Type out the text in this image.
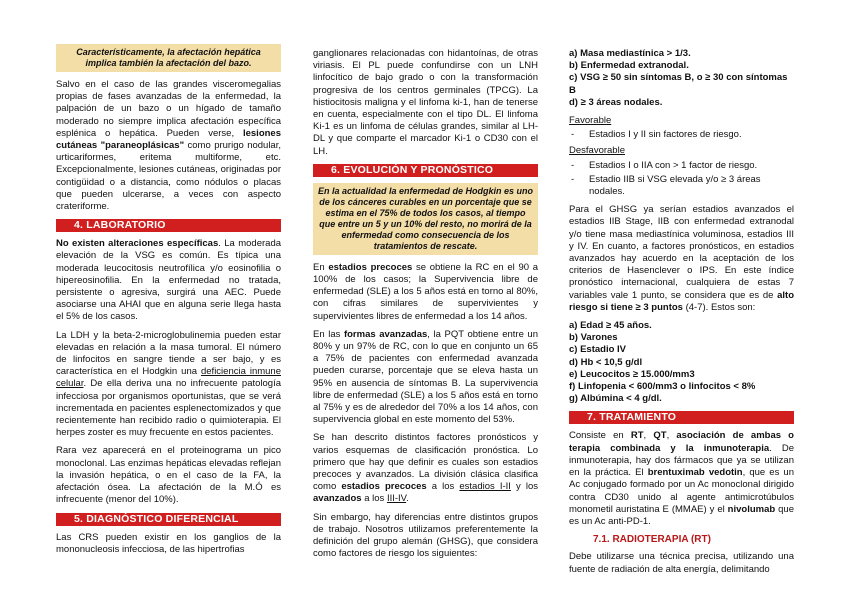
Característicamente, la afectación hepática implica también la afectación del bazo.

Salvo en el caso de las grandes visceromegalias propias de fases avanzadas de la enfermedad, la palpación de un bazo o un hígado de tamaño moderado no siempre implica afectación específica esplénica o hepática. Pueden verse, lesiones cutáneas "paraneoplásicas" como prurigo nodular, urticariformes, eritema multiforme, etc. Excepcionalmente, lesiones cutáneas, originadas por contigüidad o a distancia, como nódulos o placas que pueden ulcerarse, a veces con aspecto crateriforme.

4. LABORATORIO

No existen alteraciones específicas. La moderada elevación de la VSG es común. Es típica una moderada leucocitosis neutrofílica y/o eosinofilia o hipereosinofilia. En la enfermedad no tratada, persistente o agresiva, surgirá una AEC. Puede asociarse una AHAI que en alguna serie llega hasta el 5% de los casos.

La LDH y la beta-2-microglobulinemia pueden estar elevadas en relación a la masa tumoral. El número de linfocitos en sangre tiende a ser bajo, y es característica en el Hodgkin una deficiencia inmune celular. De ella deriva una no infrecuente patología infecciosa por organismos oportunistas, que se verá incrementada en pacientes esplenectomizados y que recientemente han recibido radio o quimioterapia. El herpes zoster es muy frecuente en estos pacientes.

Rara vez aparecerá en el proteinograma un pico monoclonal. Las enzimas hepáticas elevadas reflejan la invasión hepática, o en el caso de la FA, la afectación ósea. La afectación de la M.Ó es infrecuente (menor del 10%).

5. DIAGNÓSTICO DIFERENCIAL

Las CRS pueden existir en los ganglios de la mononucleosis infecciosa, de las hipertrofias

ganglionares relacionadas con hidantoínas, de otras viriasis. El PL puede confundirse con un LNH linfocítico de bajo grado o con la transformación progresiva de los centros germinales (TPCG). La histiocitosis maligna y el linfoma ki-1, han de tenerse en cuenta, especialmente con el tipo DL. El linfoma Ki-1 es un linfoma de células grandes, similar al LH-DL y que comparte el marcador Ki-1 o CD30 con el LH.

6. EVOLUCIÓN Y PRONÓSTICO
En la actualidad la enfermedad de Hodgkin es uno de los cánceres curables en un porcentaje que se estima en el 75% de todos los casos, al tiempo que entre un 5 y un 10% del resto, no morirá de la enfermedad como consecuencia de los tratamientos de rescate.

En estadios precoces se obtiene la RC en el 90 a 100% de los casos; la Supervivencia libre de enfermedad (SLE) a los 5 años está en torno al 80%, con cifras similares de supervivientes y supervivientes libres de enfermedad a los 14 años.

En las formas avanzadas, la PQT obtiene entre un 80% y un 97% de RC, con lo que en conjunto un 65 a 75% de pacientes con enfermedad avanzada pueden curarse, porcentaje que se eleva hasta un 95% en ausencia de síntomas B. La supervivencia libre de enfermedad (SLE) a los 5 años está en torno al 75% y es de alrededor del 70% a los 14 años, con supervivencia global en este momento del 53%.

Se han descrito distintos factores pronósticos y varios esquemas de clasificación pronóstica. Lo primero que hay que definir es cuales son estadios precoces y avanzados. La división clásica clasifica como estadios precoces a los estadios I-II y los avanzados a los III-IV.

Sin embargo, hay diferencias entre distintos grupos de trabajo. Nosotros utilizamos preferentemente la definición del grupo alemán (GHSG), que considera como factores de riesgo los siguientes:

a) Masa mediastínica > 1/3.
b) Enfermedad extranodal.
c) VSG ≥ 50 sin síntomas B, o ≥ 30 con síntomas B
d) ≥ 3 áreas nodales.
Favorable
- Estadios I y II sin factores de riesgo.
Desfavorable
- Estadios I o IIA con > 1 factor de riesgo.
- Estadio IIB si VSG elevada y/o ≥ 3 áreas nodales.

Para el GHSG ya serían estadios avanzados el estadios IIB Stage, IIB con enfermedad extranodal y/o tiene masa mediastínica voluminosa, estadios III y IV. En cuanto, a factores pronósticos, en estadios avanzados hay acuerdo en la aceptación de los criterios de Hasenclever o IPS. En este índice pronóstico internacional, cualquiera de estas 7 variables vale 1 punto, se considera que es de alto riesgo si tiene ≥ 3 puntos (4-7). Estos son:

a) Edad ≥ 45 años.
b) Varones
c) Estadio IV
d) Hb < 10,5 g/dl
e) Leucocitos ≥ 15.000/mm3
f) Linfopenia < 600/mm3 o linfocitos < 8%
g) Albúmina < 4 g/dl.
7. TRATAMIENTO

Consiste en RT, QT, asociación de ambas o terapia combinada y la inmunoterapia. De inmunoterapia, hay dos fármacos que ya se utilizan en la práctica. El brentuximab vedotin, que es un Ac conjugado formado por un Ac monoclonal dirigido contra CD30 unido al agente antimicrotúbulos monometil auristatina E (MMAE) y el nivolumab que es un Ac anti-PD-1.

7.1. RADIOTERAPIA (RT)

Debe utilizarse una técnica precisa, utilizando una fuente de radiación de alta energía, delimitando
